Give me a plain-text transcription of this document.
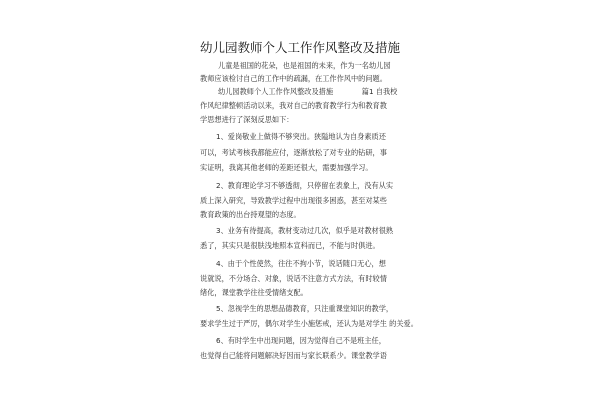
幼儿园教师个人工作作风整改及措施
儿童是祖国的花朵，也是祖国的未来，作为一名幼儿园
教师应该检讨自己的工作中的疏漏，在工作作风中的问题。
幼儿园教师个人工作作风整改及措施　　　　篇1 自我校
作风纪律整顿活动以来，我对自己的教育教学行为和教育教
学思想进行了深刻反思如下：
1、爱岗敬业上做得不够突出。狭隘地认为自身素质还
可以，考试考核我都能应付，逐渐放松了对专业的钻研，事
实证明，我离其他老师的差距还很大，需要加强学习。
2、教育理论学习不够透彻，只停留在表象上，没有从实
质上深入研究，导致教学过程中出现很多困惑，甚至对某些
教育政策的出台持观望的态度。
3、业务有待提高，教材变动过几次，似乎是对教材很熟
悉了，其实只是很肤浅地照本宣科而已，不能与时俱进。
4、由于个性使然，往往不拘小节，说话随口无心，想
说就说，不分场合、对象，说话不注意方式方法，有时较情
绪化，课堂教学往往受情绪支配。
5、忽视学生的思想品德教育，只注重课堂知识的教学，
要求学生过于严厉，偶尔对学生小施惩戒，还认为是对学生 的关爱。
6、有时学生中出现问题，因为觉得自己不是班主任，
也觉得自己能将问题解决好因而与家长联系少。课堂教学语
